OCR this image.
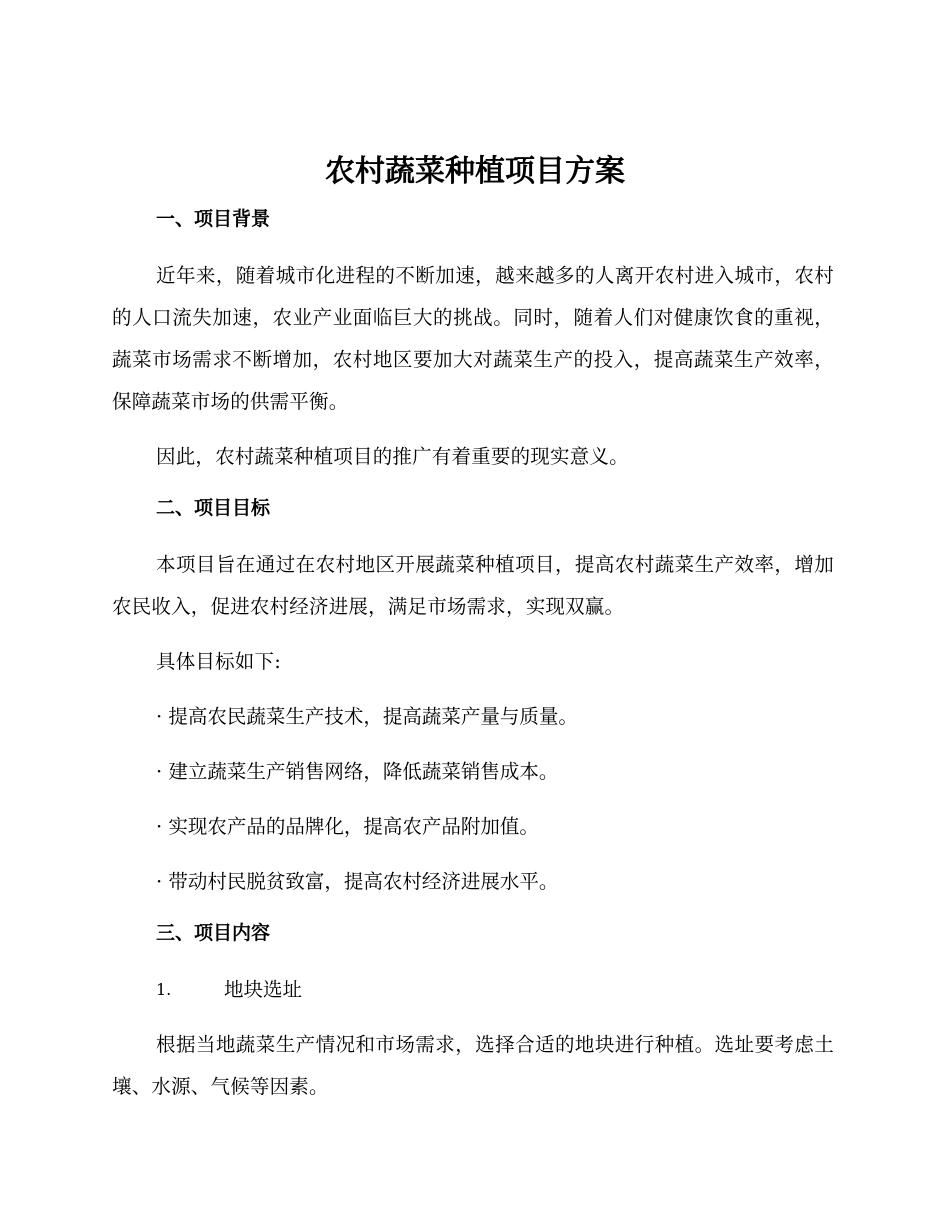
农村蔬菜种植项目方案
一、项目背景

近年来，随着城市化进程的不断加速，越来越多的人离开农村进入城市，农村的人口流失加速，农业产业面临巨大的挑战。同时，随着人们对健康饮食的重视，蔬菜市场需求不断增加，农村地区要加大对蔬菜生产的投入，提高蔬菜生产效率，保障蔬菜市场的供需平衡。

因此，农村蔬菜种植项目的推广有着重要的现实意义。

二、项目目标

本项目旨在通过在农村地区开展蔬菜种植项目，提高农村蔬菜生产效率，增加农民收入，促进农村经济进展，满足市场需求，实现双赢。

具体目标如下:

· 提高农民蔬菜生产技术，提高蔬菜产量与质量。

· 建立蔬菜生产销售网络，降低蔬菜销售成本。

· 实现农产品的品牌化，提高农产品附加值。

· 带动村民脱贫致富，提高农村经济进展水平。

三、项目内容
1.	地块选址

根据当地蔬菜生产情况和市场需求，选择合适的地块进行种植。选址要考虑土壤、水源、气候等因素。
